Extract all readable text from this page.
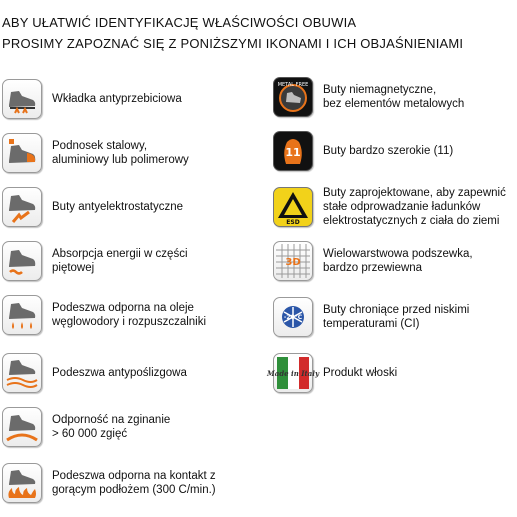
ABY UŁATWIĆ IDENTYFIKACJĘ WŁAŚCIWOŚCI OBUWIA
PROSIMY ZAPOZNAĆ SIĘ Z PONIŻSZYMI IKONAMI I ICH OBJAŚNIENIAMI
Wkładka antyprzebiciowa
Podnosek stalowy,
aluminiowy lub polimerowy
Buty antyelektrostatyczne
Absorpcja energii w części
piętowej
Podeszwa odporna na oleje
węglowodory i rozpuszczalniki
Podeszwa antypoślizgowa
Odporność na zginanie
> 60 000 zgięć
Podeszwa odporna na kontakt z
gorącym podłożem (300 C/min.)
METAL FREE Buty niemagnetyczne,
bez elementów metalowych
11 Buty bardzo szerokie (11)
ESD
Buty zaprojektowane, aby zapewnić
stałe odprowadzanie ładunków
elektrostatycznych z ciała do ziemi
3D
Wielowarstwowa podszewka,
bardzo przewiewna
-20°C
Buty chroniące przed niskimi
temperaturami (CI)
Made in Italy Produkt włoski
